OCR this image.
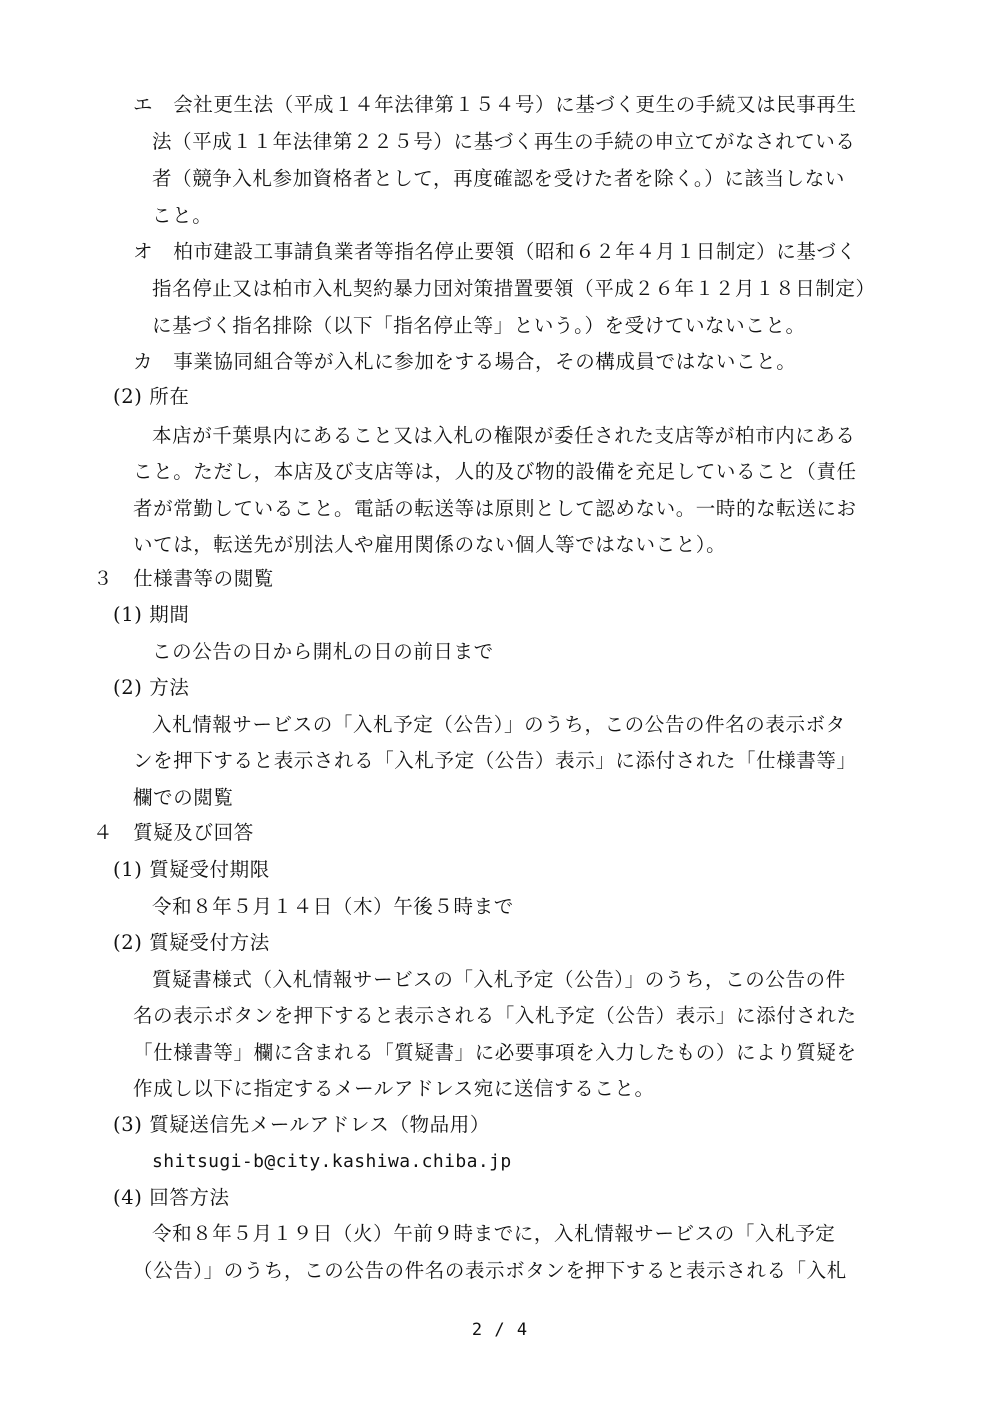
エ　会社更生法（平成１４年法律第１５４号）に基づく更生の手続又は民事再生
法（平成１１年法律第２２５号）に基づく再生の手続の申立てがなされている
者（競争入札参加資格者として，再度確認を受けた者を除く。）に該当しない
こと。
オ　柏市建設工事請負業者等指名停止要領（昭和６２年４月１日制定）に基づく
指名停止又は柏市入札契約暴力団対策措置要領（平成２６年１２月１８日制定）
に基づく指名排除（以下「指名停止等」という。）を受けていないこと。
カ　事業協同組合等が入札に参加をする場合，その構成員ではないこと。
(2) 所在
本店が千葉県内にあること又は入札の権限が委任された支店等が柏市内にある
こと。ただし，本店及び支店等は，人的及び物的設備を充足していること（責任
者が常勤していること。電話の転送等は原則として認めない。一時的な転送にお
いては，転送先が別法人や雇用関係のない個人等ではないこと）。
３　仕様書等の閲覧
(1) 期間
この公告の日から開札の日の前日まで
(2) 方法
入札情報サービスの「入札予定（公告）」のうち，この公告の件名の表示ボタ
ンを押下すると表示される「入札予定（公告）表示」に添付された「仕様書等」
欄での閲覧
４　質疑及び回答
(1) 質疑受付期限
令和８年５月１４日（木）午後５時まで
(2) 質疑受付方法
質疑書様式（入札情報サービスの「入札予定（公告）」のうち，この公告の件
名の表示ボタンを押下すると表示される「入札予定（公告）表示」に添付された
「仕様書等」欄に含まれる「質疑書」に必要事項を入力したもの）により質疑を
作成し以下に指定するメールアドレス宛に送信すること。
(3) 質疑送信先メールアドレス（物品用）
shitsugi-b@city.kashiwa.chiba.jp
(4) 回答方法
令和８年５月１９日（火）午前９時までに，入札情報サービスの「入札予定
（公告）」のうち，この公告の件名の表示ボタンを押下すると表示される「入札
2 / 4
